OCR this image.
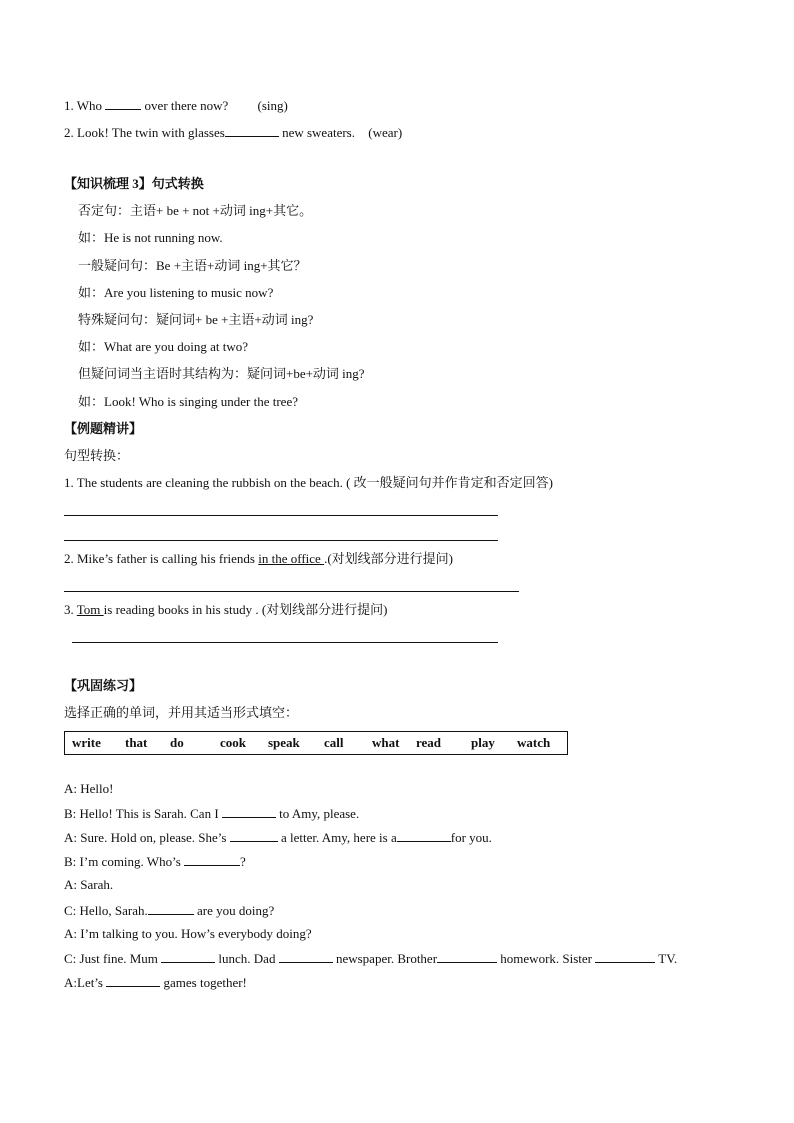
1. Who	over there now? (sing)
2. Look! The twin with glasses	new sweaters. (wear)
【知识梳理 3】句式转换
否定句：主语+ be + not +动词 ing+其它。
如：He is not running now.
一般疑问句：Be +主语+动词 ing+其它？
如：Are you listening to music now?
特殊疑问句：疑问词+ be +主语+动词 ing?
如：What are you doing at two?
但疑问词当主语时其结构为：疑问词+be+动词 ing?
如：Look! Who is singing under the tree?
【例题精讲】
句型转换：
1. The students are cleaning the rubbish on the beach. ( 改一般疑问句并作肯定和否定回答)
2. Mike’s father is calling his friends in the office .(对划线部分进行提问)
3. Tom is reading books in his study . (对划线部分进行提问)
【巩固练习】
选择正确的单词，并用其适当形式填空：
write that do	cook speak call what read play watch
A: Hello!
B: Hello! This is Sarah. Can I	to Amy, please.
A: Sure. Hold on, please. She’s	a letter. Amy, here is a	for you.
B: I’m coming. Who’s	?
A: Sarah.
C: Hello, Sarah.	are you doing?
A: I’m talking to you. How’s everybody doing?
C: Just fine. Mum	lunch. Dad	newspaper. Brother	homework. Sister	TV.
A:Let’s	games together!
